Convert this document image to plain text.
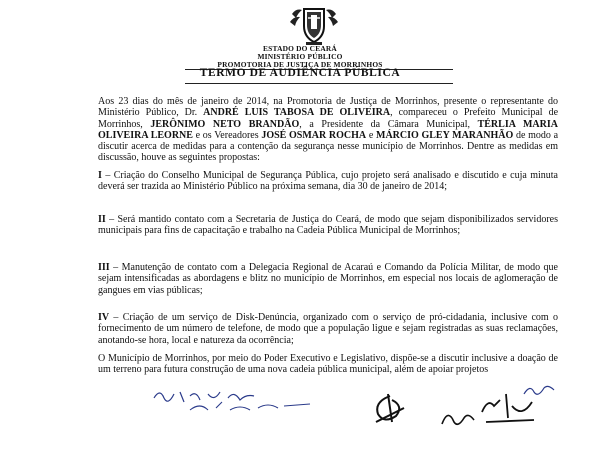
ESTADO DO CEARÁ
MINISTÉRIO PÚBLICO
PROMOTORIA DE JUSTIÇA DE MORRINHOS
TERMO DE AUDIÊNCIA PÚBLICA
Aos 23 dias do mês de janeiro de 2014, na Promotoria de Justiça de Morrinhos, presente o representante do Ministério Público, Dr. ANDRÉ LUIS TABOSA DE OLIVEIRA, compareceu o Prefeito Municipal de Morrinhos, JERÔNIMO NETO BRANDÃO, a Presidente da Câmara Municipal, TÉRLIA MARIA OLIVEIRA LEORNE e os Vereadores JOSÉ OSMAR ROCHA e MÁRCIO GLEY MARANHÃO de modo a discutir acerca de medidas para a contenção da segurança nesse município de Morrinhos. Dentre as medidas em discussão, houve as seguintes propostas:
I – Criação do Conselho Municipal de Segurança Pública, cujo projeto será analisado e discutido e cuja minuta deverá ser trazida ao Ministério Público na próxima semana, dia 30 de janeiro de 2014;
II – Será mantido contato com a Secretaria de Justiça do Ceará, de modo que sejam disponibilizados servidores municipais para fins de capacitação e trabalho na Cadeia Pública Municipal de Morrinhos;
III – Manutenção de contato com a Delegacia Regional de Acaraú e Comando da Polícia Militar, de modo que sejam intensificadas as abordagens e blitz no município de Morrinhos, em especial nos locais de aglomeração de gangues em vias públicas;
IV – Criação de um serviço de Disk-Denúncia, organizado com o serviço de pró-cidadania, inclusive com o fornecimento de um número de telefone, de modo que a população ligue e sejam registradas as suas reclamações, anotando-se hora, local e natureza da ocorrência;
O Município de Morrinhos, por meio do Poder Executivo e Legislativo, dispõe-se a discutir inclusive a doação de um terreno para futura construção de uma nova cadeia pública municipal, além de apoiar projetos
